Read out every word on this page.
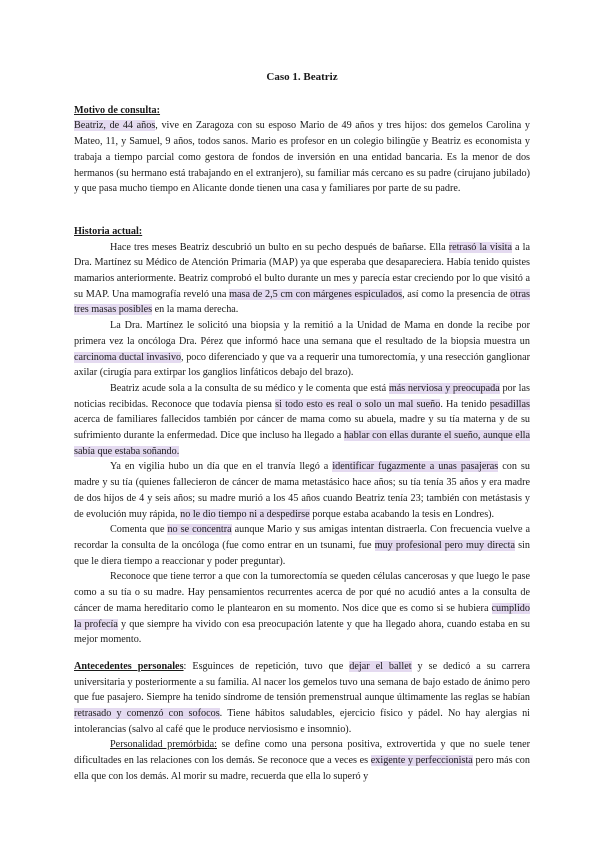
Caso 1. Beatriz

Motivo de consulta:

Beatriz, de 44 años, vive en Zaragoza con su esposo Mario de 49 años y tres hijos: dos gemelos Carolina y Mateo, 11, y Samuel, 9 años, todos sanos. Mario es profesor en un colegio bilingüe y Beatriz es economista y trabaja a tiempo parcial como gestora de fondos de inversión en una entidad bancaria. Es la menor de dos hermanos (su hermano está trabajando en el extranjero), su familiar más cercano es su padre (cirujano jubilado) y que pasa mucho tiempo en Alicante donde tienen una casa y familiares por parte de su padre.

Historia actual:

Hace tres meses Beatriz descubrió un bulto en su pecho después de bañarse. Ella retrasó la visita a la Dra. Martínez su Médico de Atención Primaria (MAP) ya que esperaba que desapareciera. Había tenido quistes mamarios anteriormente. Beatriz comprobó el bulto durante un mes y parecía estar creciendo por lo que visitó a su MAP. Una mamografía reveló una masa de 2,5 cm con márgenes espiculados, así como la presencia de otras tres masas posibles en la mama derecha.

La Dra. Martínez le solicitó una biopsia y la remitió a la Unidad de Mama en donde la recibe por primera vez la oncóloga Dra. Pérez que informó hace una semana que el resultado de la biopsia muestra un carcinoma ductal invasivo, poco diferenciado y que va a requerir una tumorectomía, y una resección ganglionar axilar (cirugía para extirpar los ganglios linfáticos debajo del brazo).

Beatriz acude sola a la consulta de su médico y le comenta que está más nerviosa y preocupada por las noticias recibidas. Reconoce que todavía piensa si todo esto es real o solo un mal sueño. Ha tenido pesadillas acerca de familiares fallecidos también por cáncer de mama como su abuela, madre y su tía materna y de su sufrimiento durante la enfermedad. Dice que incluso ha llegado a hablar con ellas durante el sueño, aunque ella sabía que estaba soñando.

Ya en vigilia hubo un día que en el tranvía llegó a identificar fugazmente a unas pasajeras con su madre y su tía (quienes fallecieron de cáncer de mama metastásico hace años; su tía tenía 35 años y era madre de dos hijos de 4 y seis años; su madre murió a los 45 años cuando Beatriz tenía 23; también con metástasis y de evolución muy rápida, no le dio tiempo ni a despedirse porque estaba acabando la tesis en Londres).

Comenta que no se concentra aunque Mario y sus amigas intentan distraerla. Con frecuencia vuelve a recordar la consulta de la oncóloga (fue como entrar en un tsunami, fue muy profesional pero muy directa sin que le diera tiempo a reaccionar y poder preguntar).

Reconoce que tiene terror a que con la tumorectomía se queden células cancerosas y que luego le pase como a su tía o su madre. Hay pensamientos recurrentes acerca de por qué no acudió antes a la consulta de cáncer de mama hereditario como le plantearon en su momento. Nos dice que es como si se hubiera cumplido la profecía y que siempre ha vivido con esa preocupación latente y que ha llegado ahora, cuando estaba en su mejor momento.

Antecedentes personales: Esguinces de repetición, tuvo que dejar el ballet y se dedicó a su carrera universitaria y posteriormente a su familia. Al nacer los gemelos tuvo una semana de bajo estado de ánimo pero que fue pasajero. Siempre ha tenido síndrome de tensión premenstrual aunque últimamente las reglas se habían retrasado y comenzó con sofocos. Tiene hábitos saludables, ejercicio físico y pádel. No hay alergias ni intolerancias (salvo al café que le produce nerviosismo e insomnio).

Personalidad premórbida: se define como una persona positiva, extrovertida y que no suele tener dificultades en las relaciones con los demás. Se reconoce que a veces es exigente y perfeccionista pero más con ella que con los demás. Al morir su madre, recuerda que ella lo superó y
